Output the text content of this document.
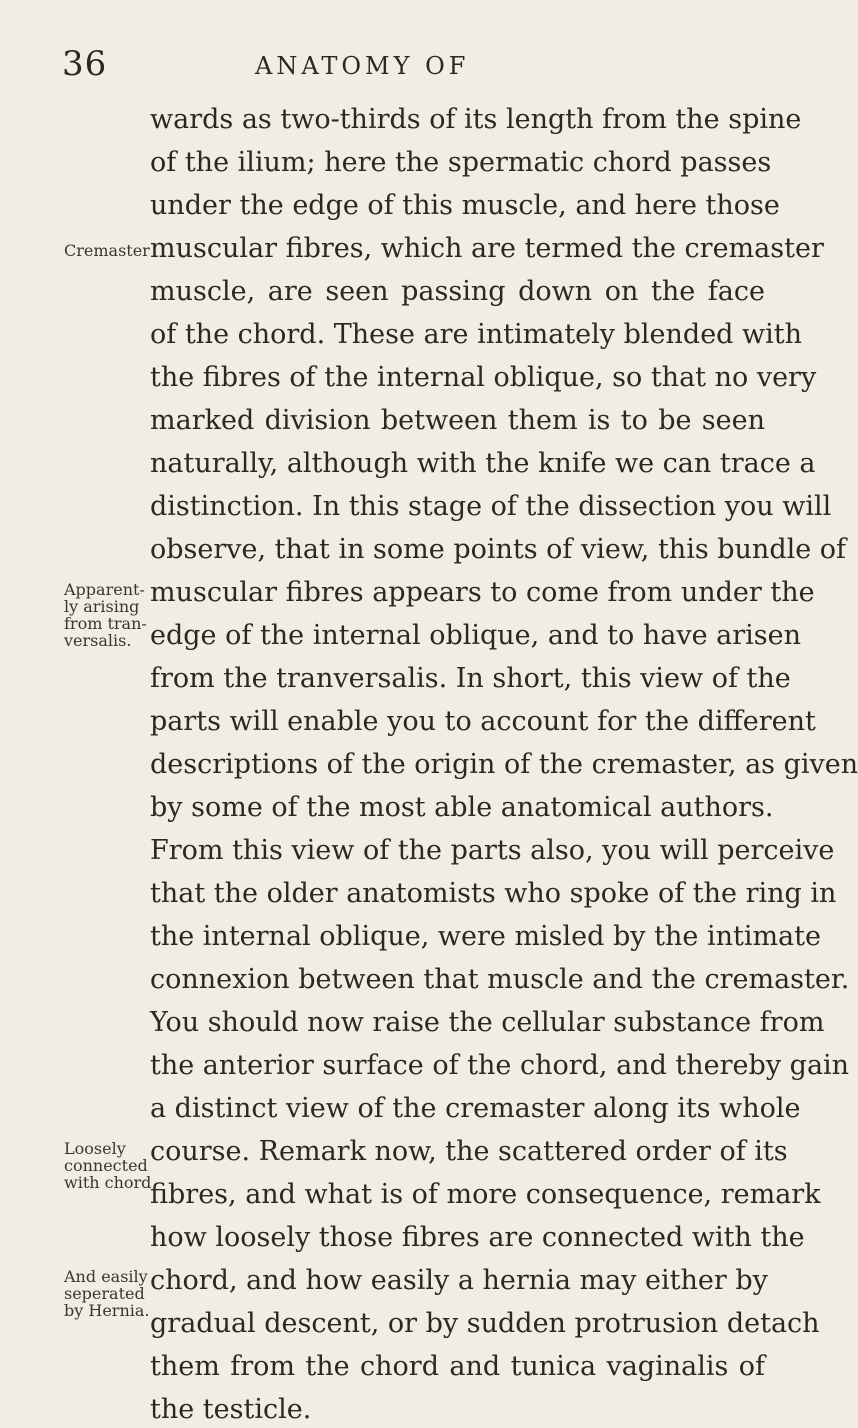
36	ANATOMY OF
wards as two-thirds of its length from the spine
of the ilium; here the spermatic chord passes
under the edge of this muscle, and here those
muscular fibres, which are termed the cremaster
muscle, are seen passing down on the face
of the chord. These are intimately blended with
the fibres of the internal oblique, so that no very
marked division between them is to be seen
naturally, although with the knife we can trace a
distinction. In this stage of the dissection you will
observe, that in some points of view, this bundle of
muscular fibres appears to come from under the
edge of the internal oblique, and to have arisen
from the tranversalis. In short, this view of the
parts will enable you to account for the different
descriptions of the origin of the cremaster, as given
by some of the most able anatomical authors.
From this view of the parts also, you will perceive
that the older anatomists who spoke of the ring in
the internal oblique, were misled by the intimate
connexion between that muscle and the cremaster.
You should now raise the cellular substance from
the anterior surface of the chord, and thereby gain
a distinct view of the cremaster along its whole
course. Remark now, the scattered order of its
fibres, and what is of more consequence, remark
how loosely those fibres are connected with the
chord, and how easily a hernia may either by
gradual descent, or by sudden protrusion detach
them from the chord and tunica vaginalis of
the testicle.
Cremaster
Apparent-
ly arising
from tran-
versalis.
Loosely
connected
with chord
And easily
seperated
by Hernia.
